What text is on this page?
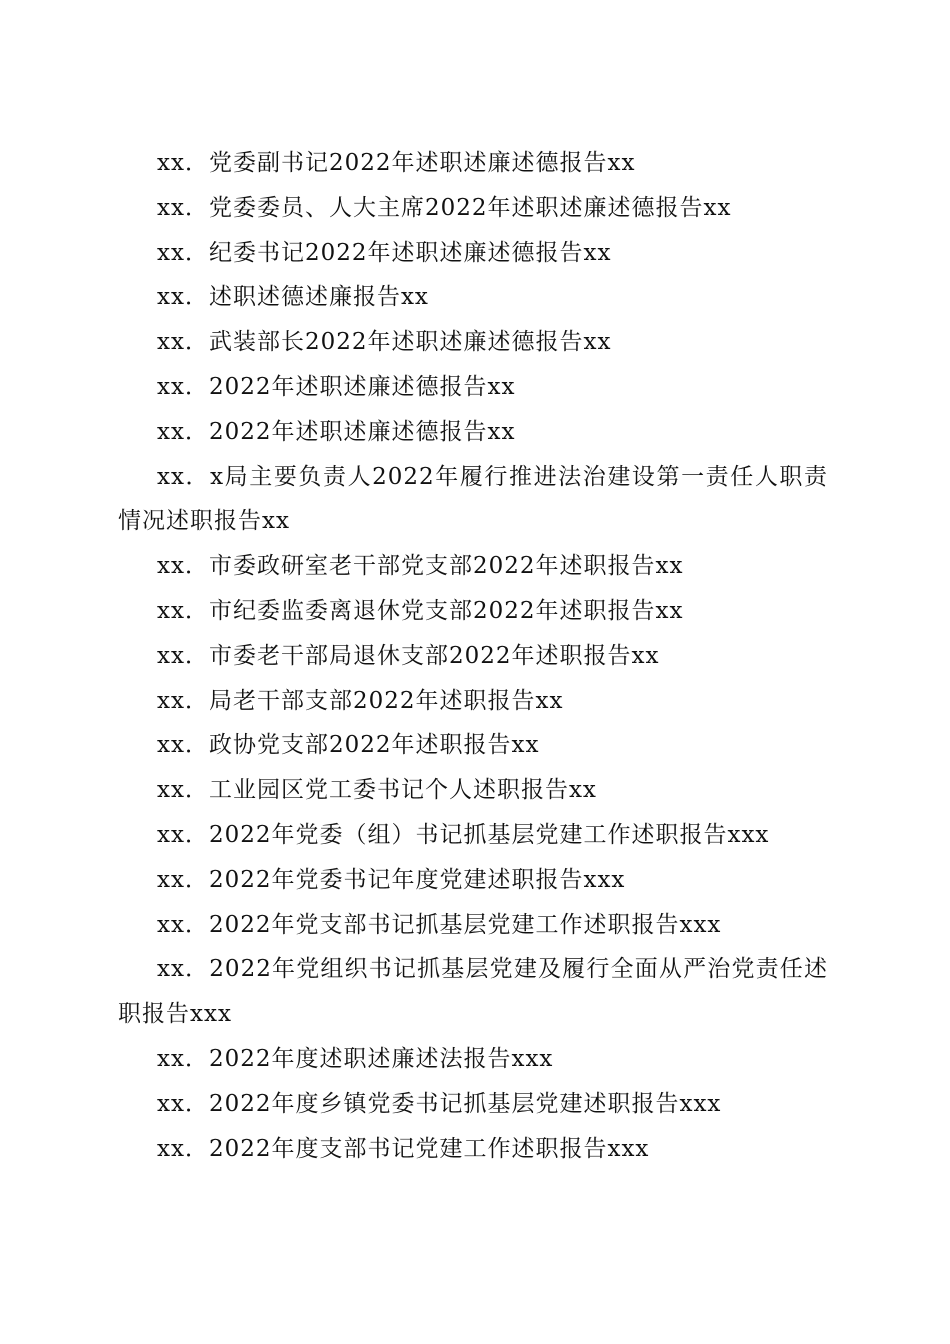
xx．党委副书记2022年述职述廉述德报告xx
xx．党委委员、人大主席2022年述职述廉述德报告xx
xx．纪委书记2022年述职述廉述德报告xx
xx．述职述德述廉报告xx
xx．武装部长2022年述职述廉述德报告xx
xx．2022年述职述廉述德报告xx
xx．2022年述职述廉述德报告xx
xx．x局主要负责人2022年履行推进法治建设第一责任人职责情况述职报告xx
xx．市委政研室老干部党支部2022年述职报告xx
xx．市纪委监委离退休党支部2022年述职报告xx
xx．市委老干部局退休支部2022年述职报告xx
xx．局老干部支部2022年述职报告xx
xx．政协党支部2022年述职报告xx
xx．工业园区党工委书记个人述职报告xx
xx．2022年党委（组）书记抓基层党建工作述职报告xxx
xx．2022年党委书记年度党建述职报告xxx
xx．2022年党支部书记抓基层党建工作述职报告xxx
xx．2022年党组织书记抓基层党建及履行全面从严治党责任述职报告xxx
xx．2022年度述职述廉述法报告xxx
xx．2022年度乡镇党委书记抓基层党建述职报告xxx
xx．2022年度支部书记党建工作述职报告xxx
